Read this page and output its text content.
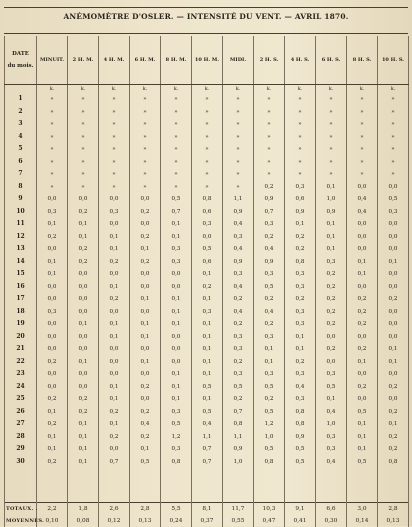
ANÉMOMÈTRE D'OSLER. — INTENSITÉ DU VENT. — AVRIL 1870.
DATE
du mois.	MINUIT.	2 H. M.	4 H. M.	6 H. M.	8 H. M.	10 H. M.	MIDI.	2 H. S.	4 H. S.	6 H. S.	8 H. S.	10 H. S.
	k.	k.	k.	k.	k.	k.	k.	k.	k.	k.	k.	k.
1	»	»	»	»	»	»	»	»	»	»	»	»
2	»	»	»	»	»	»	»	»	»	»	»	»
3	»	»	»	»	»	»	»	»	»	»	»	»
4	»	»	»	»	»	»	»	»	»	»	»	»
5	»	»	»	»	»	»	»	»	»	»	»	»
6	»	»	»	»	»	»	»	»	»	»	»	»
7	»	»	»	»	»	»	»	»	»	»	»	»
8	»	»	»	»	»	»	»	0,2	0,3	0,1	0,0	0,0
9	0,0	0,0	0,0	0,0	0,5	0,8	1,1	0,9	0,6	1,0	0,4	0,5
10	0,3	0,2	0,3	0,2	0,7	0,6	0,9	0,7	0,9	0,9	0,4	0,3
11	0,1	0,1	0,0	0,0	0,1	0,3	0,4	0,3	0,1	0,1	0,0	0,0
12	0,2	0,1	0,1	0,2	0,1	0,0	0,3	0,2	0,2	0,1	0,0	0,0
13	0,0	0,2	0,1	0,1	0,3	0,5	0,4	0,4	0,2	0,1	0,0	0,0
14	0,1	0,2	0,2	0,2	0,3	0,6	0,9	0,9	0,8	0,3	0,1	0,1
15	0,1	0,0	0,0	0,0	0,0	0,1	0,3	0,3	0,3	0,2	0,1	0,0
16	0,0	0,0	0,1	0,0	0,0	0,2	0,4	0,5	0,3	0,2	0,0	0,0
17	0,0	0,0	0,2	0,1	0,1	0,1	0,2	0,2	0,2	0,2	0,2	0,2
18	0,3	0,0	0,0	0,0	0,1	0,3	0,4	0,4	0,3	0,2	0,2	0,0
19	0,0	0,1	0,1	0,1	0,1	0,1	0,2	0,2	0,3	0,2	0,2	0,0
20	0,0	0,0	0,1	0,1	0,0	0,1	0,3	0,3	0,1	0,0	0,0	0,0
21	0,0	0,0	0,0	0,0	0,0	0,1	0,3	0,1	0,1	0,2	0,2	0,1
22	0,2	0,1	0,0	0,1	0,0	0,1	0,2	0,1	0,2	0,0	0,1	0,1
23	0,0	0,0	0,0	0,0	0,1	0,1	0,3	0,3	0,3	0,3	0,0	0,0
24	0,0	0,0	0,1	0,2	0,1	0,5	0,5	0,5	0,4	0,5	0,2	0,2
25	0,2	0,2	0,1	0,0	0,1	0,1	0,2	0,2	0,3	0,1	0,0	0,0
26	0,1	0,2	0,2	0,2	0,3	0,5	0,7	0,5	0,8	0,4	0,5	0,2
27	0,2	0,1	0,1	0,4	0,5	0,4	0,8	1,2	0,8	1,0	0,1	0,1
28	0,1	0,1	0,2	0,2	1,2	1,1	1,1	1,0	0,9	0,3	0,1	0,2
29	0,1	0,1	0,0	0,1	0,3	0,7	0,9	0,5	0,5	0,3	0,1	0,2
30	0,2	0,1	0,7	0,5	0,8	0,7	1,0	0,8	0,5	0,4	0,5	0,8

TOTAUX. .	2,2	1,8	2,6	2,8	5,5	8,1	11,7	10,3	9,1	6,6	3,0	2,8
MOYENNES.	0,10	0,08	0,12	0,13	0,24	0,37	0,55	0,47	0,41	0,30	0,14	0,13
